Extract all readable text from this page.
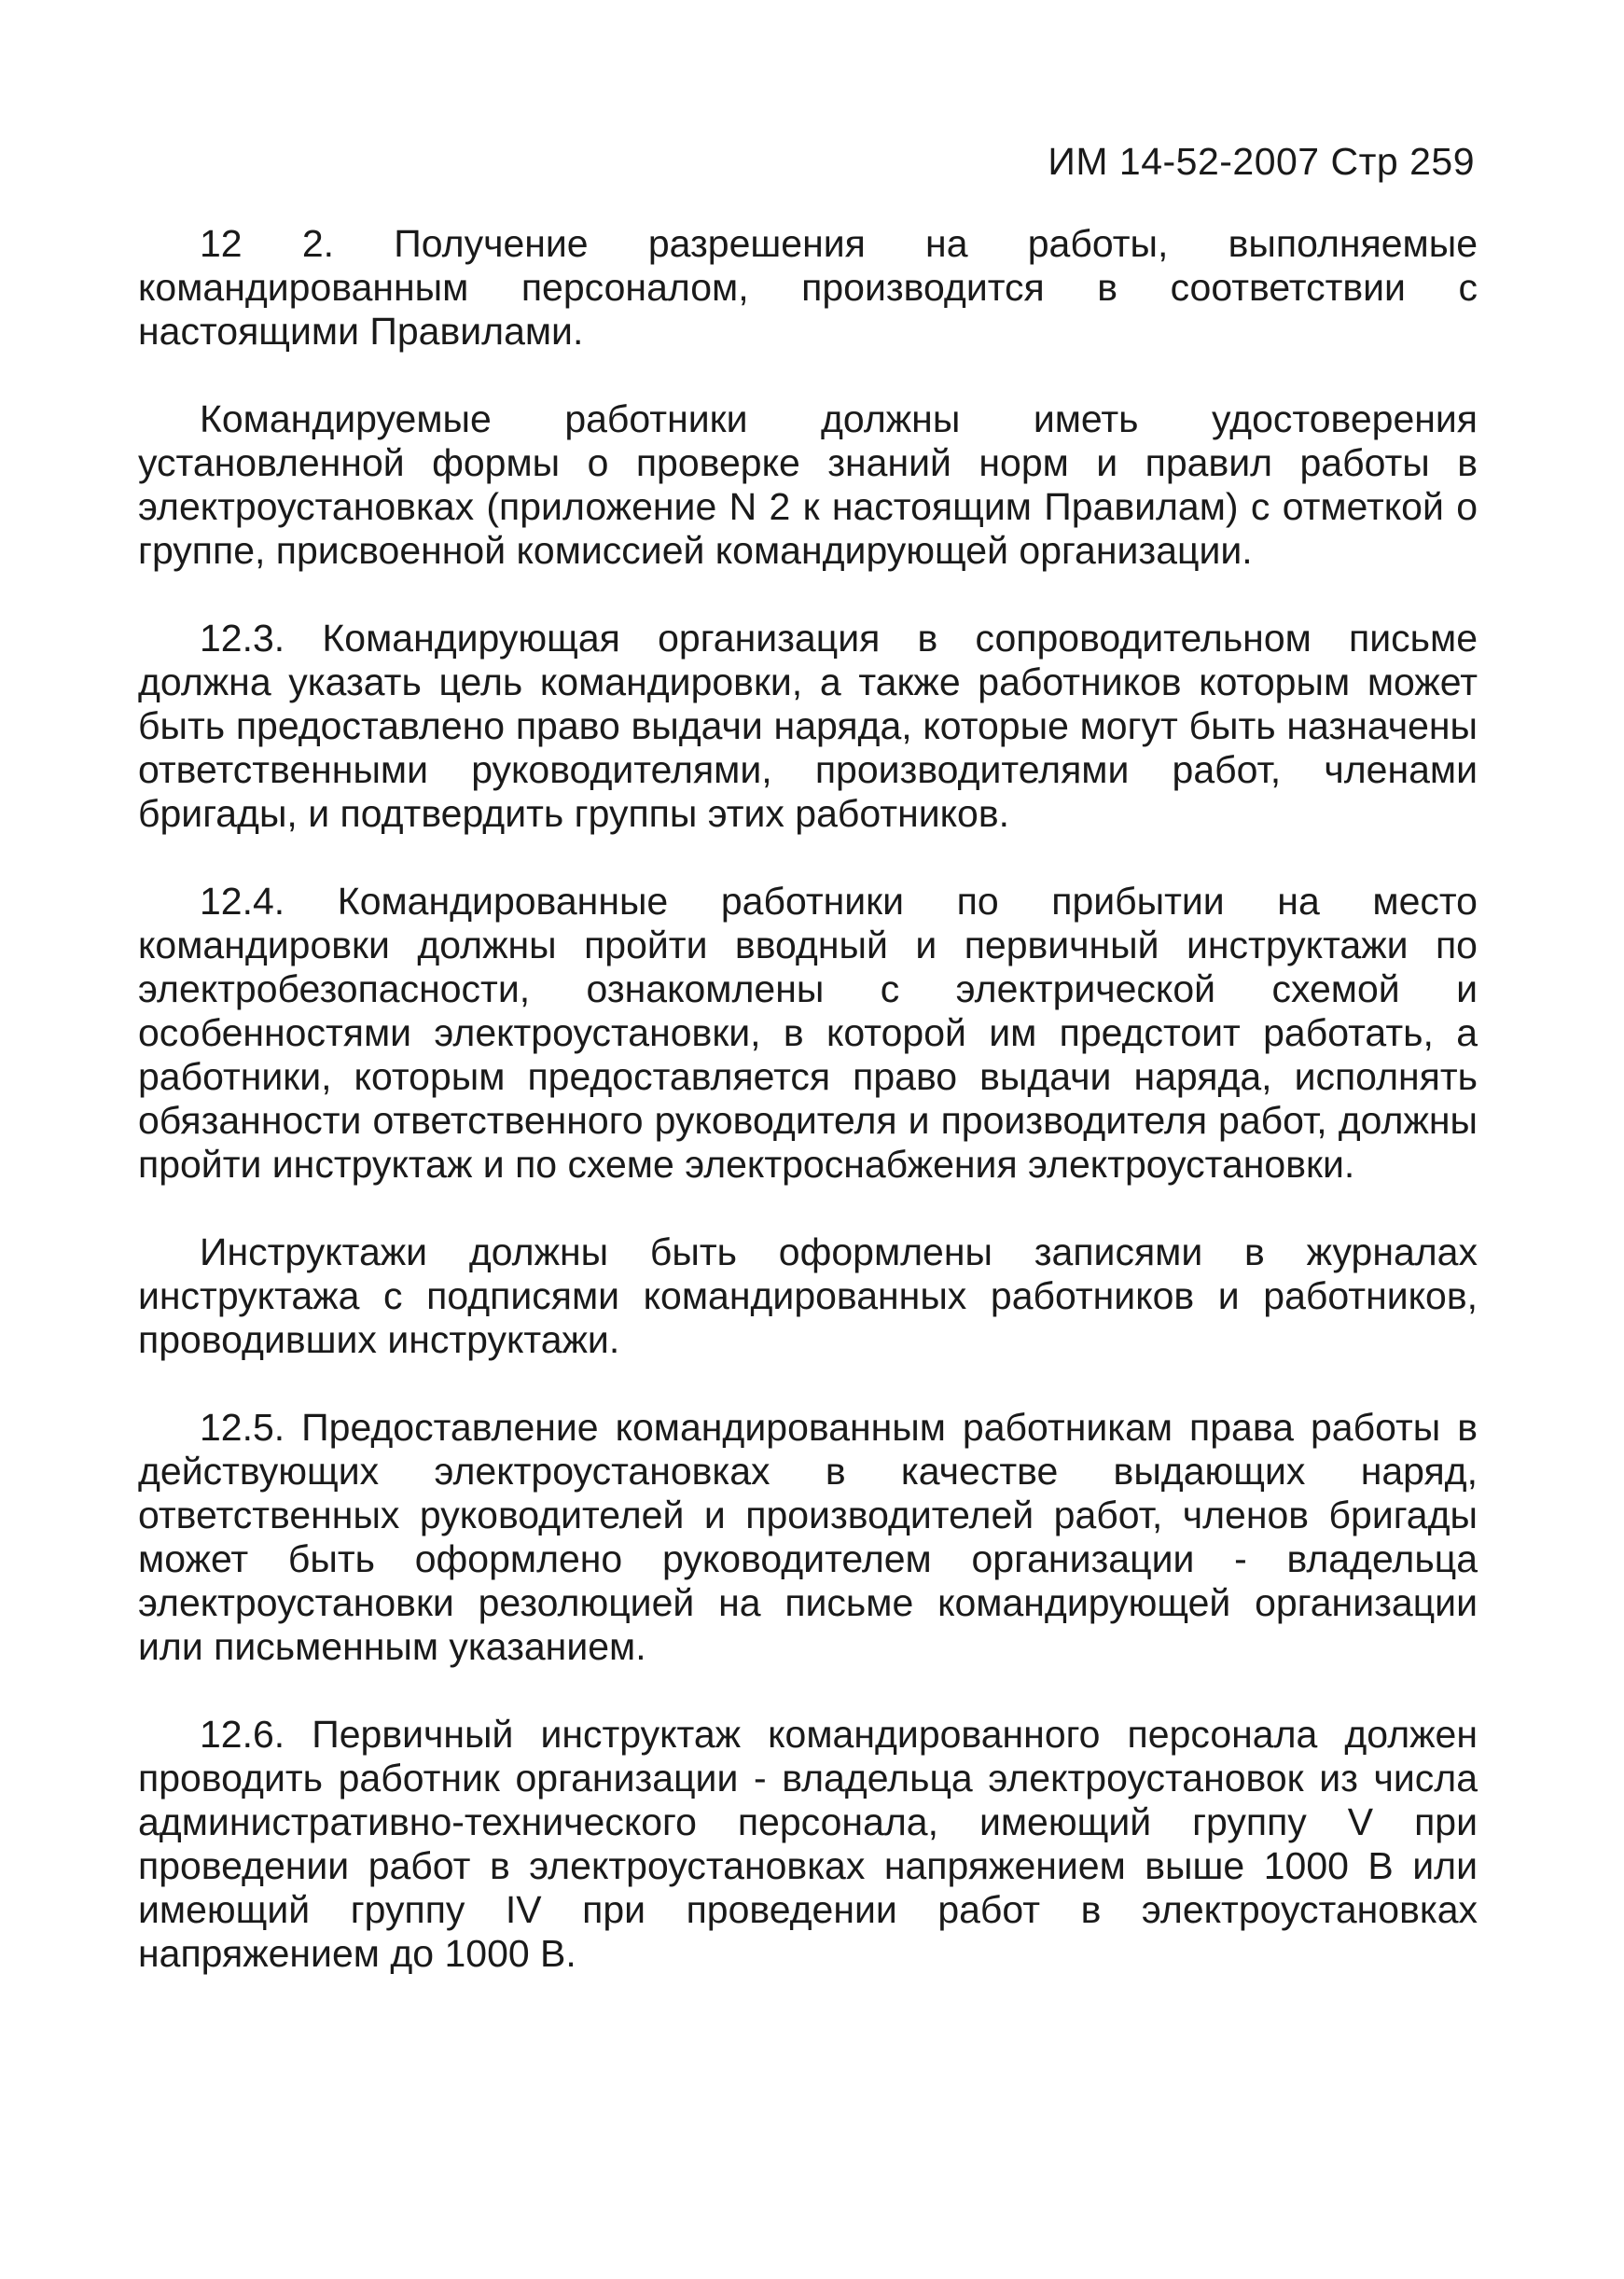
ИМ 14-52-2007 Стр 259

12 2. Получение разрешения на работы, выполняемые командированным персоналом, производится в соответствии с настоящими Правилами.

Командируемые работники должны иметь удостоверения установленной формы о проверке знаний норм и правил работы в электроустановках (приложение N 2 к настоящим Правилам) с отметкой о группе, присвоенной комиссией командирующей организации.

12.3. Командирующая организация в сопроводительном письме должна указать цель командировки, а также работников которым может быть предоставлено право выдачи наряда, которые могут быть назначены ответственными руководителями, производителями работ, членами бригады, и подтвердить группы этих работников.

12.4. Командированные работники по прибытии на место командировки должны пройти вводный и первичный инструктажи по электробезопасности, ознакомлены с электрической схемой и особенностями электроустановки, в которой им предстоит работать, а работники, которым предоставляется право выдачи наряда, исполнять обязанности ответственного руководителя и производителя работ, должны пройти инструктаж и по схеме электроснабжения электроустановки.

Инструктажи должны быть оформлены записями в журналах инструктажа с подписями командированных работников и работников, проводивших инструктажи.

12.5. Предоставление командированным работникам права работы в действующих электроустановках в качестве выдающих наряд, ответственных руководителей и производителей работ, членов бригады может быть оформлено руководителем организации - владельца электроустановки резолюцией на письме командирующей организации или письменным указанием.

12.6. Первичный инструктаж командированного персонала должен проводить работник организации - владельца электроустановок из числа административно-технического персонала, имеющий группу V при проведении работ в электроустановках напряжением выше 1000 В или имеющий группу IV при проведении работ в электроустановках напряжением до 1000 В.
